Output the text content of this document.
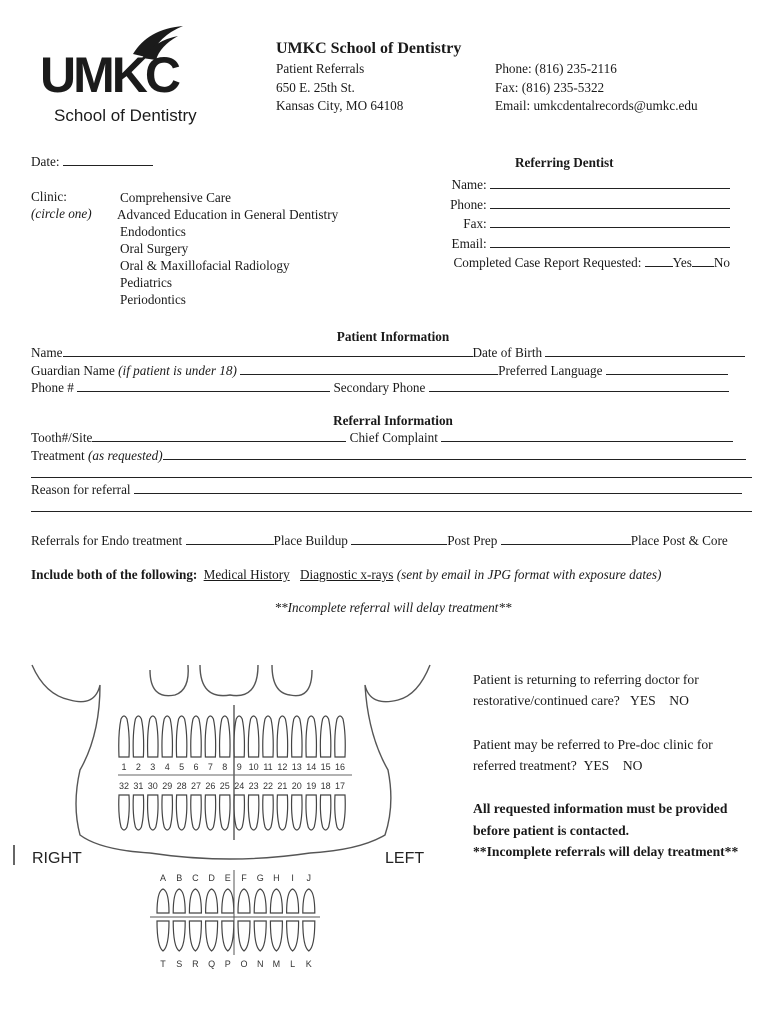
UMKC
School of Dentistry
UMKC School of Dentistry
Patient Referrals
650 E. 25th St.
Kansas City, MO 64108
Phone: (816) 235-2116
Fax: (816) 235-5322
Email: umkcdentalrecords@umkc.edu
Date:
Clinic:
(circle one)
Comprehensive Care
Advanced Education in General Dentistry
Endodontics
Oral Surgery
Oral & Maxillofacial Radiology
Pediatrics
Periodontics
Referring Dentist
Name:
Phone:
Fax:
Email:
Completed Case Report Requested: Yes No
Patient Information
Name	Date of Birth
Guardian Name (if patient is under 18)	Preferred Language
Phone #	Secondary Phone
Referral Information
Tooth#/Site	Chief Complaint
Treatment (as requested)
Reason for referral
Referrals for Endo treatment	Place Buildup	Post Prep	Place Post & Core
Include both of the following: Medical History Diagnostic x-rays (sent by email in JPG format with exposure dates)
**Incomplete referral will delay treatment**
Patient is returning to referring doctor for
restorative/continued care? YES NO
Patient may be referred to Pre-doc clinic for
referred treatment? YES NO
All requested information must be provided
before patient is contacted.
**Incomplete referrals will delay treatment**
1 2 3 4 5 6 7 8 9 10 11 12 13 14 15 16
32 31 30 29 28 27 26 25 24 23 22 21 20 19 18 17
RIGHT	LEFT
A B C D E F G H I J
T S R Q P O N M L K
